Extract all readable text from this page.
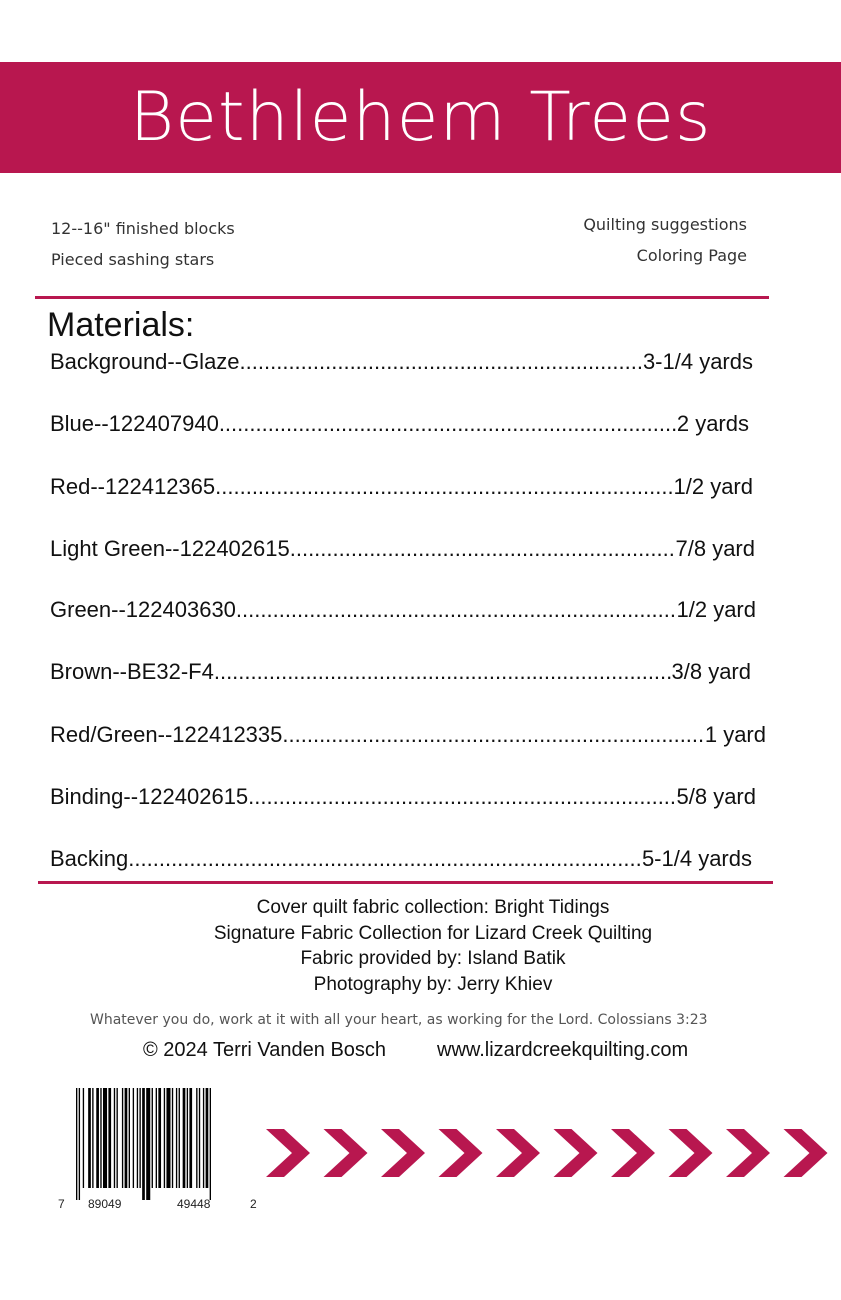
Bethlehem Trees
12--16" finished blocks
Pieced sashing stars
Quilting suggestions
Coloring Page
Materials:
Background--Glaze .....	3-1/4 yards
Blue--122407940 .....	2 yards
Red--122412365 .....	1/2 yard
Light Green--122402615 .....	7/8 yard
Green--122403630 .....	1/2 yard
Brown--BE32-F4 .....	3/8 yard
Red/Green--122412335 .....	1 yard
Binding--122402615 .....	5/8 yard
Backing .....	5-1/4 yards
Cover quilt fabric collection: Bright Tidings
Signature Fabric Collection for Lizard Creek Quilting
Fabric provided by: Island Batik
Photography by: Jerry Khiev
Whatever you do, work at it with all your heart, as working for the Lord. Colossians 3:23
© 2024 Terri Vanden Bosch	www.lizardcreekquilting.com
7 89049	49448	2
